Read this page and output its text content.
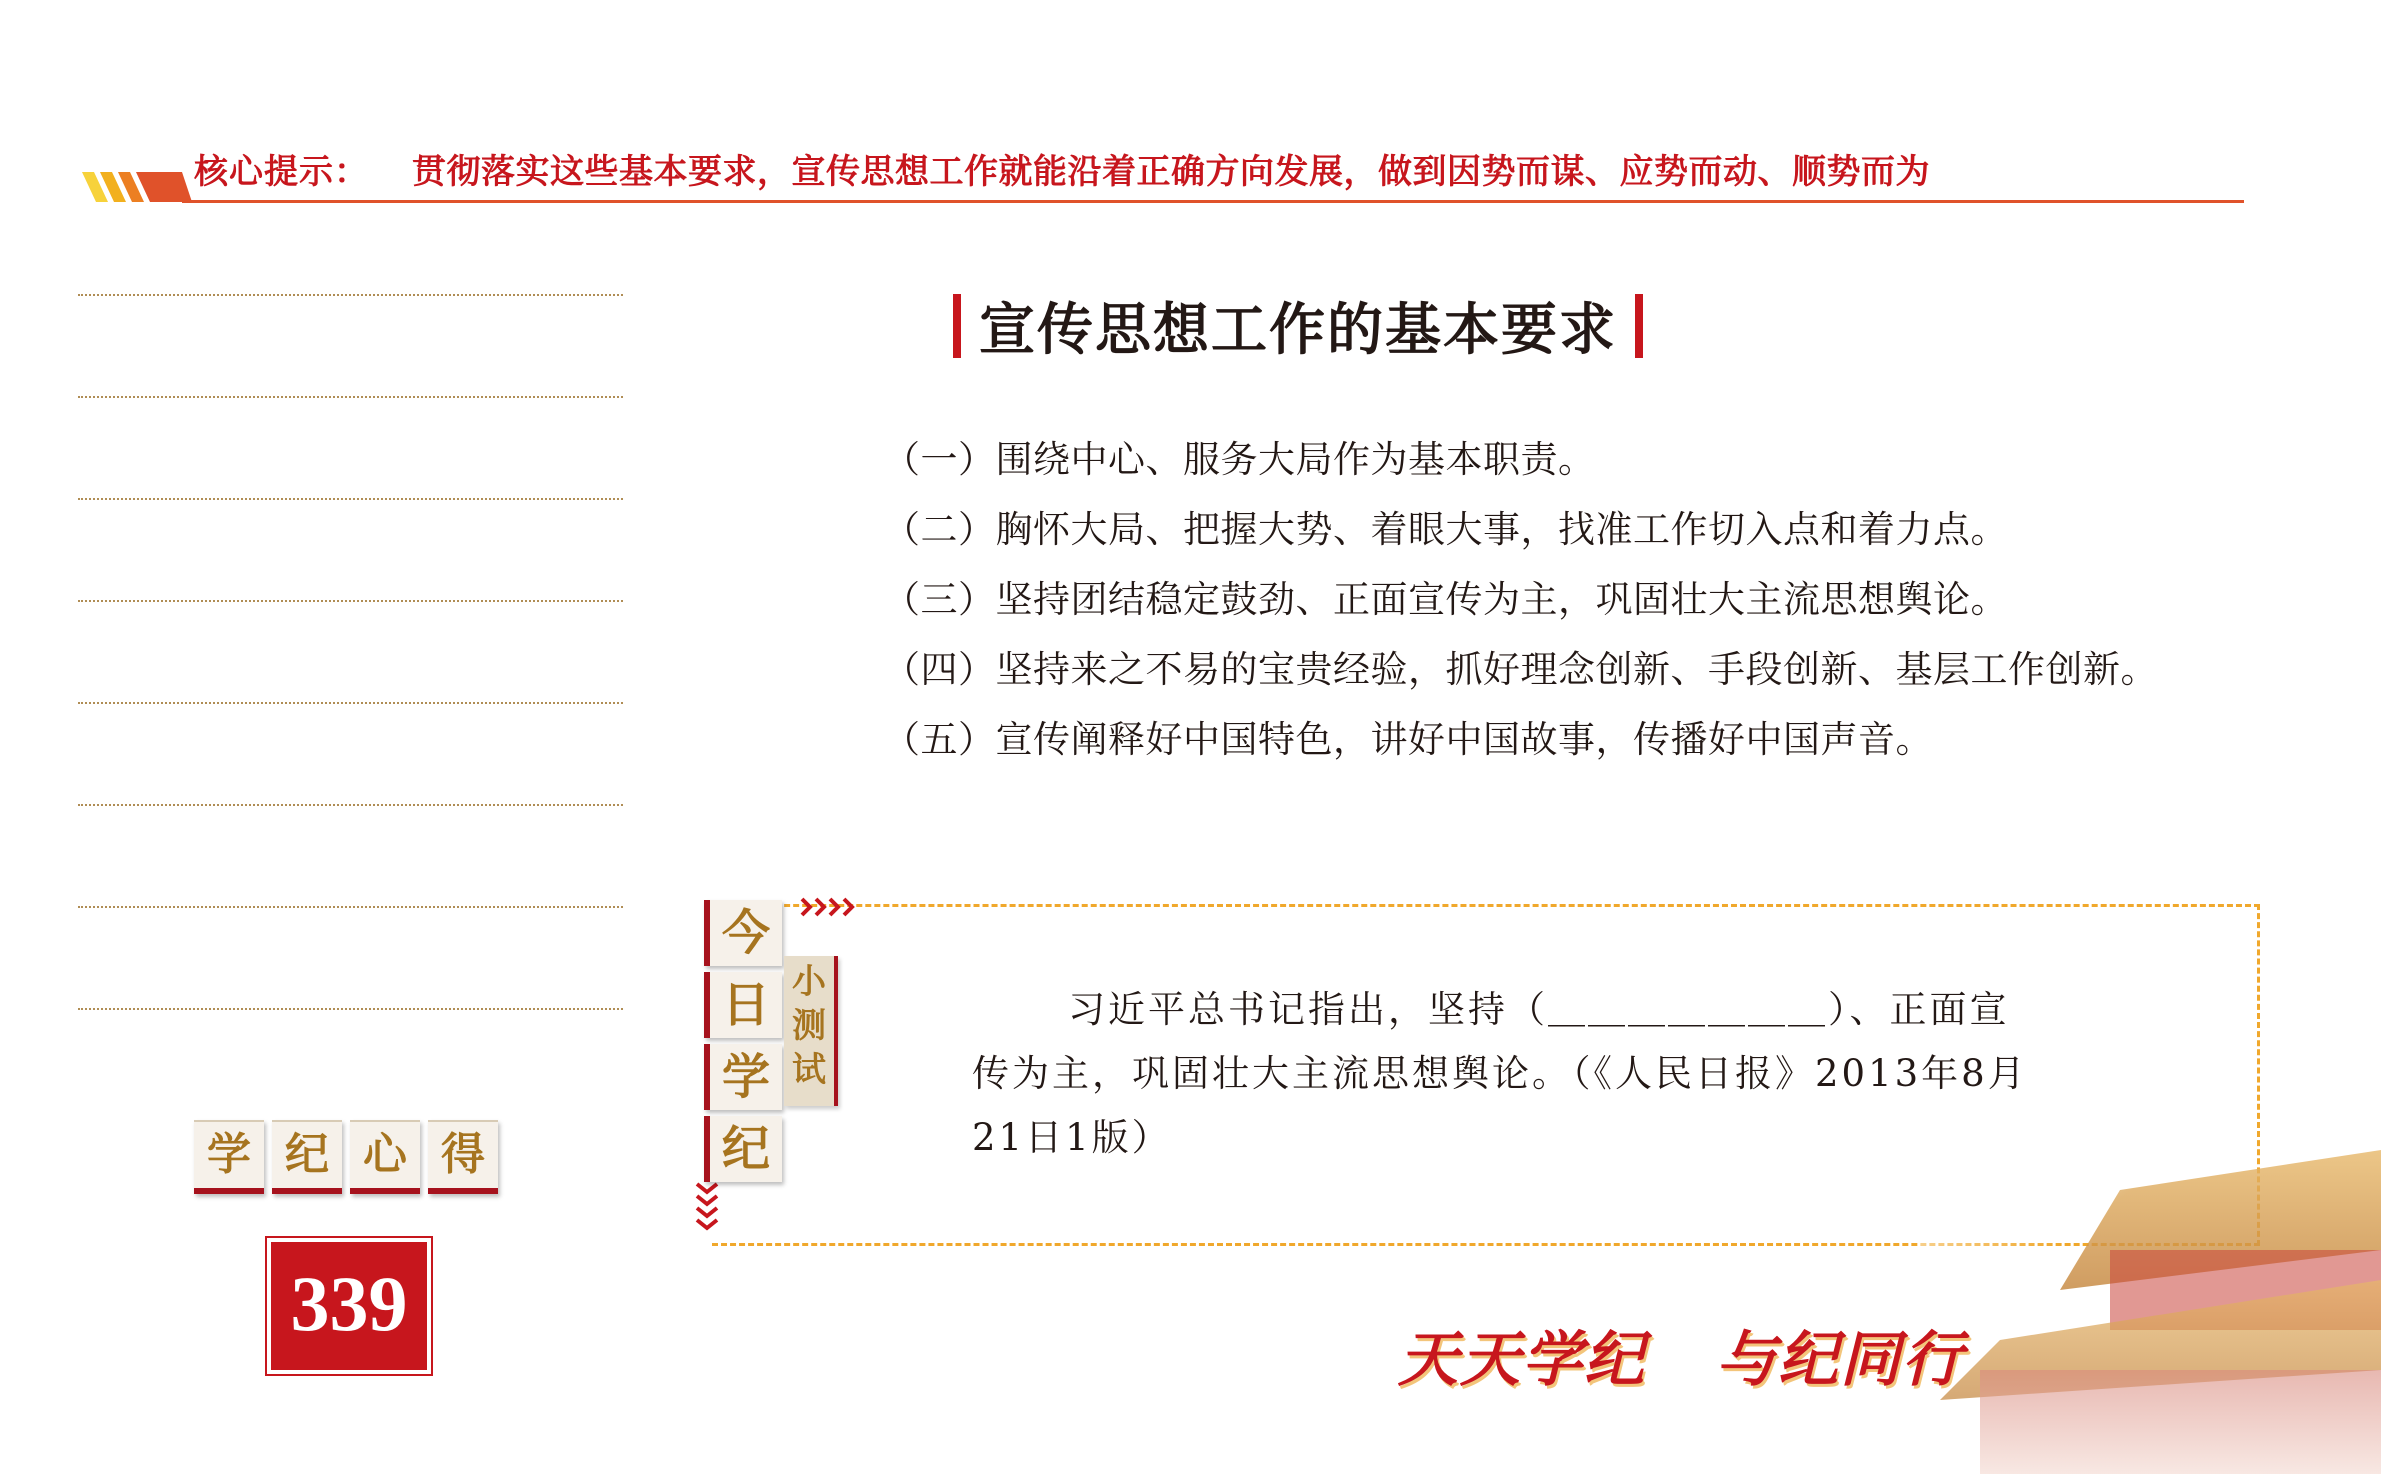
核心提示： 贯彻落实这些基本要求，宣传思想工作就能沿着正确方向发展，做到因势而谋、应势而动、顺势而为
学 纪 心 得
339
宣传思想工作的基本要求
（一）围绕中心、服务大局作为基本职责。
（二）胸怀大局、把握大势、着眼大事，找准工作切入点和着力点。
（三）坚持团结稳定鼓劲、正面宣传为主，巩固壮大主流思想舆论。
（四）坚持来之不易的宝贵经验，抓好理念创新、手段创新、基层工作创新。
（五）宣传阐释好中国特色，讲好中国故事，传播好中国声音。
今
日
学
纪
小
测
试
习近平总书记指出，坚持（＿＿＿＿＿＿＿）、正面宣
传为主，巩固壮大主流思想舆论。（《人民日报》2013年8月
21日1版）
天天学纪 与纪同行
